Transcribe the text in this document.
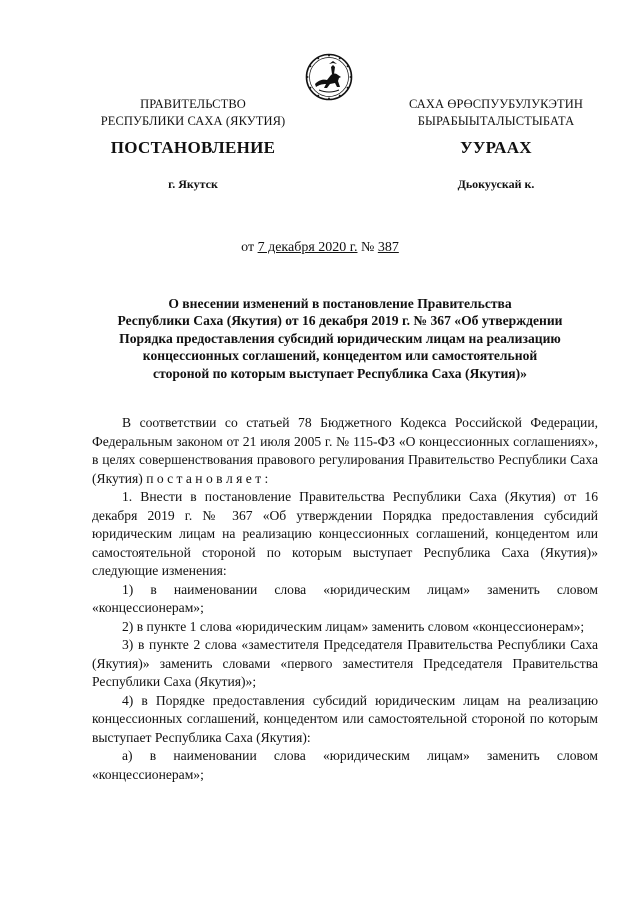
ПРАВИТЕЛЬСТВО
РЕСПУБЛИКИ САХА (ЯКУТИЯ)
САХА ӨРӨСПУУБУЛУКЭТИН
БЫРАБЫЫТАЛЫСТЫБАТА
ПОСТАНОВЛЕНИЕ	УУРААХ
г. Якутск	Дьокуускай к.
от 7 декабря 2020 г. № 387
О внесении изменений в постановление Правительства
Республики Саха (Якутия) от 16 декабря 2019 г. № 367 «Об утверждении
Порядка предоставления субсидий юридическим лицам на реализацию
концессионных соглашений, концедентом или самостоятельной
стороной по которым выступает Республика Саха (Якутия)»

В соответствии со статьей 78 Бюджетного Кодекса Российской Федерации, Федеральным законом от 21 июля 2005 г. № 115-ФЗ «О концессионных соглашениях», в целях совершенствования правового регулирования Правительство Республики Саха (Якутия) п о с т а н о в л я е т :

1. Внести в постановление Правительства Республики Саха (Якутия) от 16 декабря 2019 г. № 367 «Об утверждении Порядка предоставления субсидий юридическим лицам на реализацию концессионных соглашений, концедентом или самостоятельной стороной по которым выступает Республика Саха (Якутия)» следующие изменения:

1) в наименовании слова «юридическим лицам» заменить словом «концессионерам»;

2) в пункте 1 слова «юридическим лицам» заменить словом «концессионерам»;

3) в пункте 2 слова «заместителя Председателя Правительства Республики Саха (Якутия)» заменить словами «первого заместителя Председателя Правительства Республики Саха (Якутия)»;

4) в Порядке предоставления субсидий юридическим лицам на реализацию концессионных соглашений, концедентом или самостоятельной стороной по которым выступает Республика Саха (Якутия):

а) в наименовании слова «юридическим лицам» заменить словом «концессионерам»;
